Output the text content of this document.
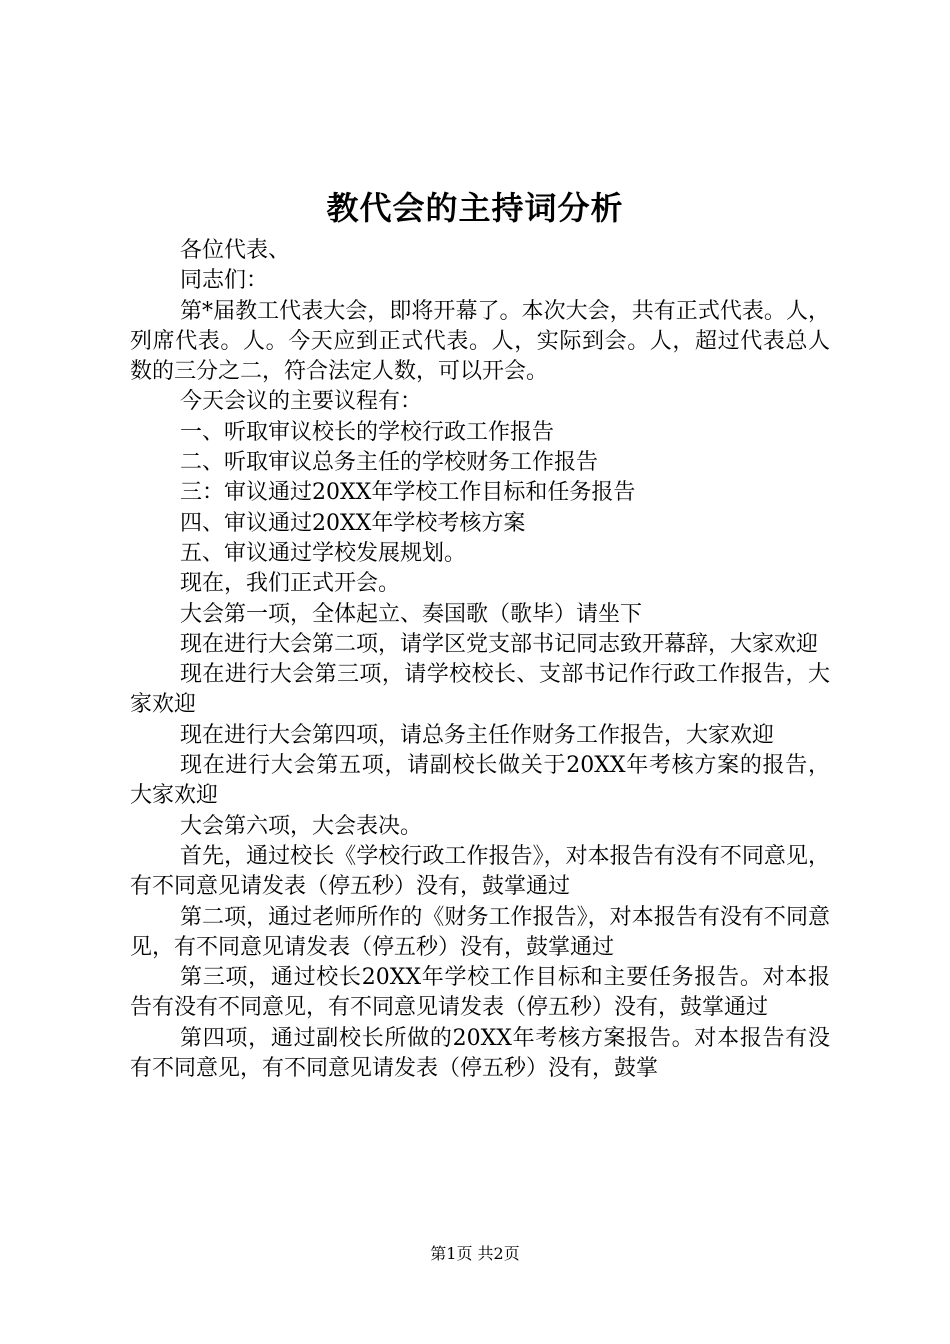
教代会的主持词分析

各位代表、

同志们：

第*届教工代表大会，即将开幕了。本次大会，共有正式代表。人，列席代表。人。今天应到正式代表。人，实际到会。人，超过代表总人数的三分之二，符合法定人数，可以开会。

今天会议的主要议程有：

一、听取审议校长的学校行政工作报告

二、听取审议总务主任的学校财务工作报告

三：审议通过20XX年学校工作目标和任务报告

四、审议通过20XX年学校考核方案

五、审议通过学校发展规划。

现在，我们正式开会。

大会第一项，全体起立、奏国歌（歌毕）请坐下

现在进行大会第二项，请学区党支部书记同志致开幕辞，大家欢迎

现在进行大会第三项，请学校校长、支部书记作行政工作报告，大家欢迎

现在进行大会第四项，请总务主任作财务工作报告，大家欢迎

现在进行大会第五项，请副校长做关于20XX年考核方案的报告，大家欢迎

大会第六项，大会表决。

首先，通过校长《学校行政工作报告》，对本报告有没有不同意见，有不同意见请发表（停五秒）没有，鼓掌通过

第二项，通过老师所作的《财务工作报告》，对本报告有没有不同意见，有不同意见请发表（停五秒）没有，鼓掌通过

第三项，通过校长20XX年学校工作目标和主要任务报告。对本报告有没有不同意见，有不同意见请发表（停五秒）没有，鼓掌通过

第四项，通过副校长所做的20XX年考核方案报告。对本报告有没有不同意见，有不同意见请发表（停五秒）没有，鼓掌

第1页 共2页
